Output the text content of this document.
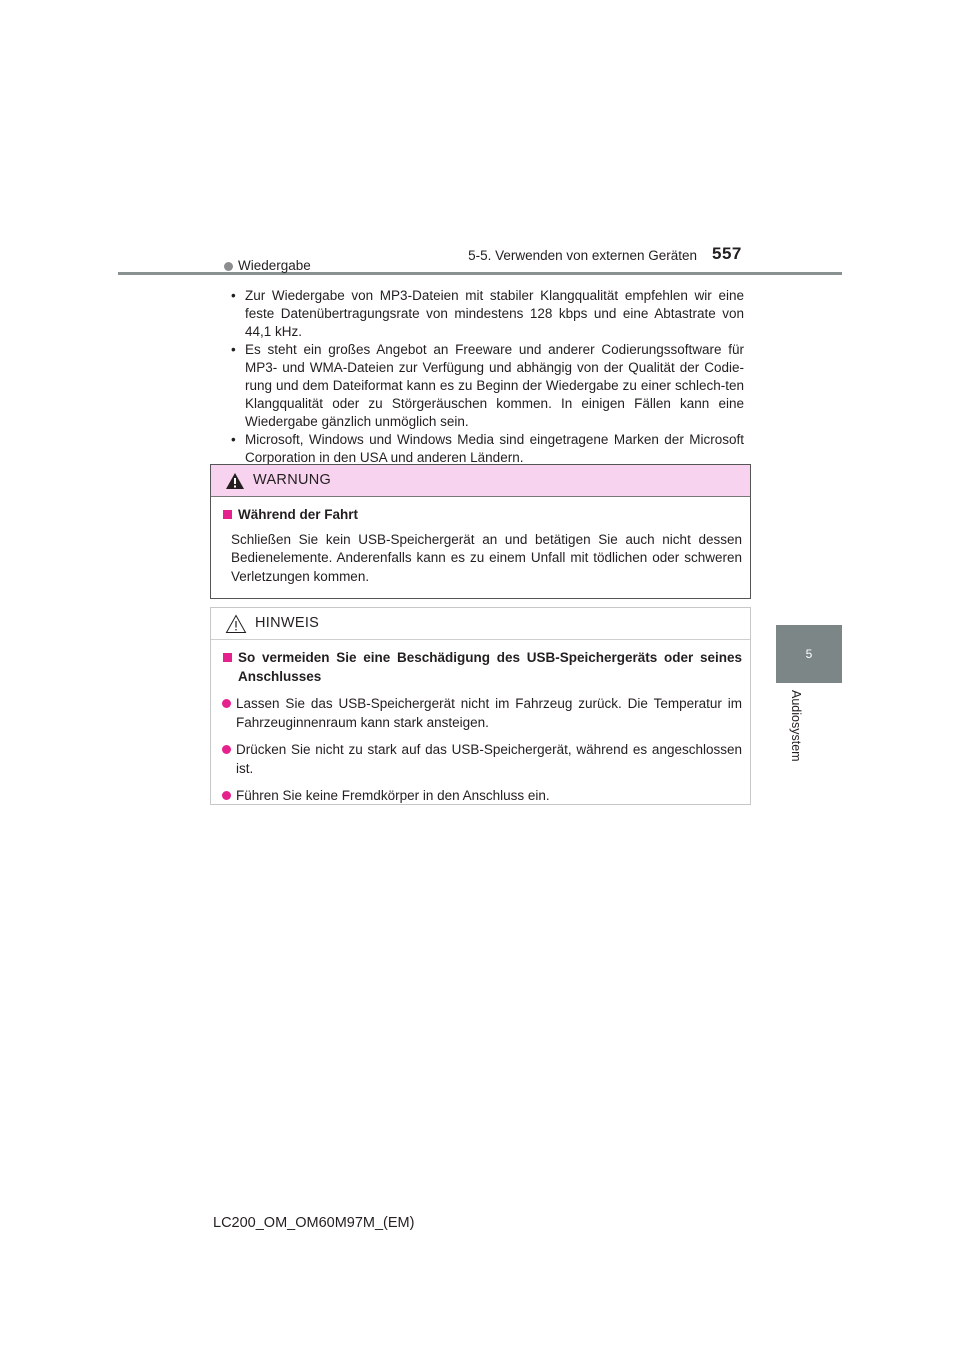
5-5. Verwenden von externen Geräten 557
5
Audiosystem
Wiedergabe
• Zur Wiedergabe von MP3-Dateien mit stabiler Klangqualität empfehlen wir eine feste Datenübertragungsrate von mindestens 128 kbps und eine Abtastrate von 44,1 kHz.
• Es steht ein großes Angebot an Freeware und anderer Codierungssoftware für MP3- und WMA-Dateien zur Verfügung und abhängig von der Qualität der Codie-rung und dem Dateiformat kann es zu Beginn der Wiedergabe zu einer schlech-ten Klangqualität oder zu Störgeräuschen kommen. In einigen Fällen kann eine Wiedergabe gänzlich unmöglich sein.
• Microsoft, Windows und Windows Media sind eingetragene Marken der Microsoft Corporation in den USA und anderen Ländern.
WARNUNG
Während der Fahrt
Schließen Sie kein USB-Speichergerät an und betätigen Sie auch nicht dessen Bedienelemente. Anderenfalls kann es zu einem Unfall mit tödlichen oder schweren Verletzungen kommen.
HINWEIS
So vermeiden Sie eine Beschädigung des USB-Speichergeräts oder seines Anschlusses
Lassen Sie das USB-Speichergerät nicht im Fahrzeug zurück. Die Temperatur im Fahrzeuginnenraum kann stark ansteigen.
Drücken Sie nicht zu stark auf das USB-Speichergerät, während es angeschlossen ist.
Führen Sie keine Fremdkörper in den Anschluss ein.
LC200_OM_OM60M97M_(EM)
